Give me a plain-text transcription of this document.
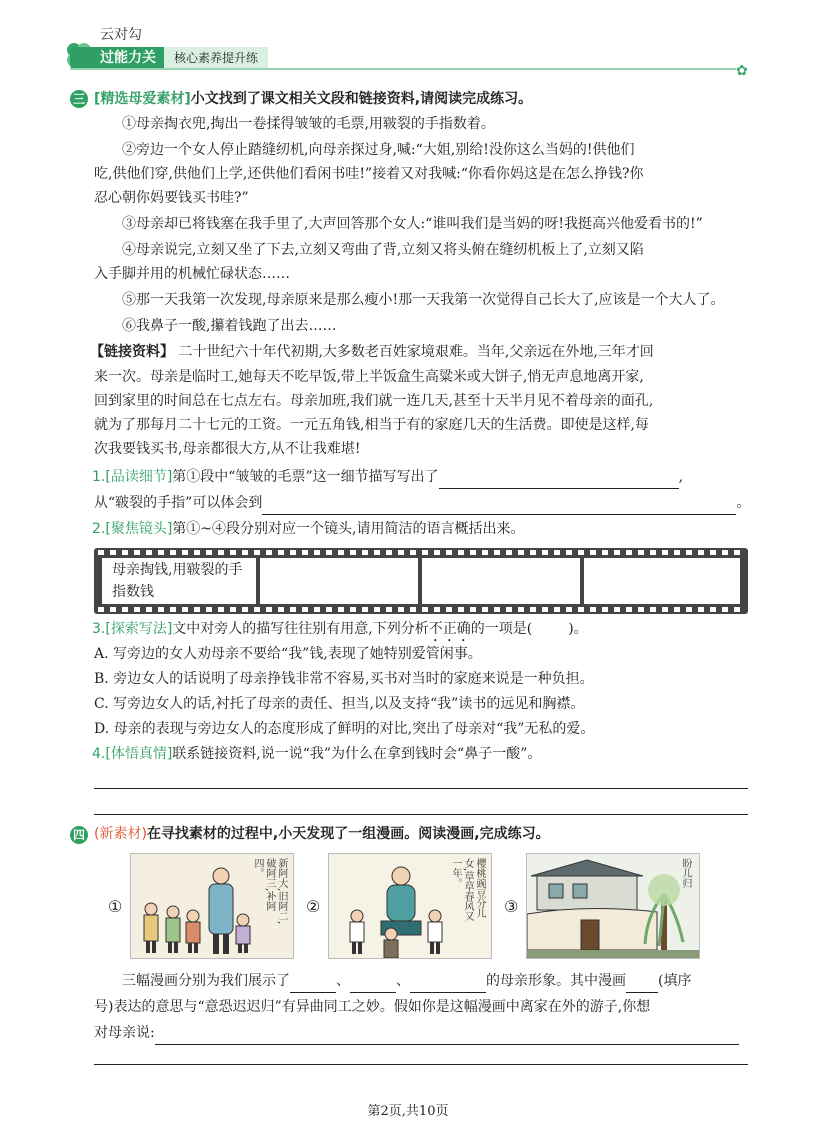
云对勾
过能力关	核心素养提升练
✿
三 [精选母爱素材]小文找到了课文相关文段和链接资料,请阅读完成练习。
①母亲掏衣兜,掏出一卷揉得皱皱的毛票,用皲裂的手指数着。
②旁边一个女人停止踏缝纫机,向母亲探过身,喊:“大姐,别给!没你这么当妈的!供他们
吃,供他们穿,供他们上学,还供他们看闲书哇!”接着又对我喊:“你看你妈这是在怎么挣钱?你
忍心朝你妈要钱买书哇?”
③母亲却已将钱塞在我手里了,大声回答那个女人:“谁叫我们是当妈的呀!我挺高兴他爱看书的!”
④母亲说完,立刻又坐了下去,立刻又弯曲了背,立刻又将头俯在缝纫机板上了,立刻又陷
入手脚并用的机械忙碌状态……
⑤那一天我第一次发现,母亲原来是那么瘦小!那一天我第一次觉得自己长大了,应该是一个大人了。
⑥我鼻子一酸,攥着钱跑了出去……
【链接资料】 二十世纪六十年代初期,大多数老百姓家境艰难。当年,父亲远在外地,三年才回
来一次。母亲是临时工,她每天不吃早饭,带上半饭盒生高粱米或大饼子,悄无声息地离开家,
回到家里的时间总在七点左右。母亲加班,我们就一连几天,甚至十天半月见不着母亲的面孔,
就为了那每月二十七元的工资。一元五角钱,相当于有的家庭几天的生活费。即使是这样,每
次我要钱买书,母亲都很大方,从不让我难堪!
1.[品读细节]第①段中“皱皱的毛票”这一细节描写写出了	,
从“皲裂的手指”可以体会到	。
2.[聚焦镜头]第①~④段分别对应一个镜头,请用简洁的语言概括出来。
母亲掏钱,用皲裂的手指数钱
3.[探索写法]文中对旁人的描写往往别有用意,下列分析不正确的一项是(	)。
A. 写旁边的女人劝母亲不要给“我”钱,表现了她特别爱管闲事。
B. 旁边女人的话说明了母亲挣钱非常不容易,买书对当时的家庭来说是一种负担。
C. 写旁边女人的话,衬托了母亲的责任、担当,以及支持“我”读书的远见和胸襟。
D. 母亲的表现与旁边女人的态度形成了鲜明的对比,突出了母亲对“我”无私的爱。
4.[体悟真情]联系链接资料,说一说“我”为什么在拿到钱时会“鼻子一酸”。
四 (新素材)在寻找素材的过程中,小天发现了一组漫画。阅读漫画,完成练习。
①	新阿大,旧阿二,破阿三,补阿四。
②	樱桃豌豆分儿女,草草春风又一年。
③
盼儿归
三幅漫画分别为我们展示了	、	、	的母亲形象。其中漫画 (填序
号)表达的意思与“意恐迟迟归”有异曲同工之妙。假如你是这幅漫画中离家在外的游子,你想
对母亲说:
第2页,共10页
